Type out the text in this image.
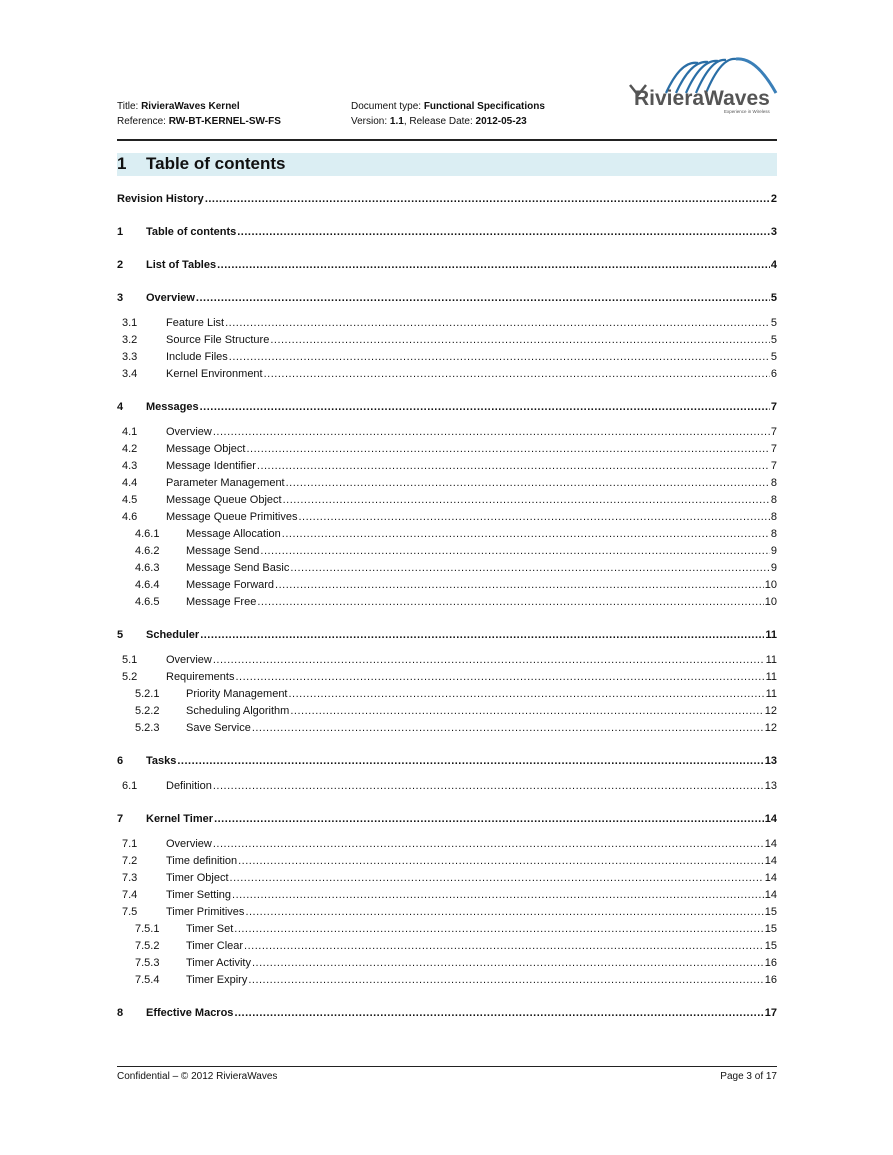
Title: RivieraWaves Kernel
Reference: RW-BT-KERNEL-SW-FS
Document type: Functional Specifications
Version: 1.1, Release Date: 2012-05-23
RivieraWaves
Experience in Wireless
1 Table of contents
Revision History .....	2
1	Table of contents .....	3
2	List of Tables .....	4
3	Overview .....	5
3.1	Feature List .....	5
3.2	Source File Structure .....	5
3.3	Include Files .....	5
3.4	Kernel Environment .....	6
4	Messages .....	7
4.1	Overview .....	7
4.2	Message Object .....	7
4.3	Message Identifier .....	7
4.4	Parameter Management .....	8
4.5	Message Queue Object .....	8
4.6	Message Queue Primitives .....	8
4.6.1	Message Allocation .....	8
4.6.2	Message Send .....	9
4.6.3	Message Send Basic .....	9
4.6.4	Message Forward .....	10
4.6.5	Message Free .....	10
5	Scheduler .....	11
5.1	Overview .....	11
5.2	Requirements .....	11
5.2.1	Priority Management .....	11
5.2.2	Scheduling Algorithm .....	12
5.2.3	Save Service .....	12
6	Tasks .....	13
6.1	Definition .....	13
7	Kernel Timer .....	14
7.1	Overview .....	14
7.2	Time definition .....	14
7.3	Timer Object .....	14
7.4	Timer Setting .....	14
7.5	Timer Primitives .....	15
7.5.1	Timer Set .....	15
7.5.2	Timer Clear .....	15
7.5.3	Timer Activity .....	16
7.5.4	Timer Expiry .....	16
8	Effective Macros .....	17
Confidential – © 2012 RivieraWaves	Page 3 of 17
